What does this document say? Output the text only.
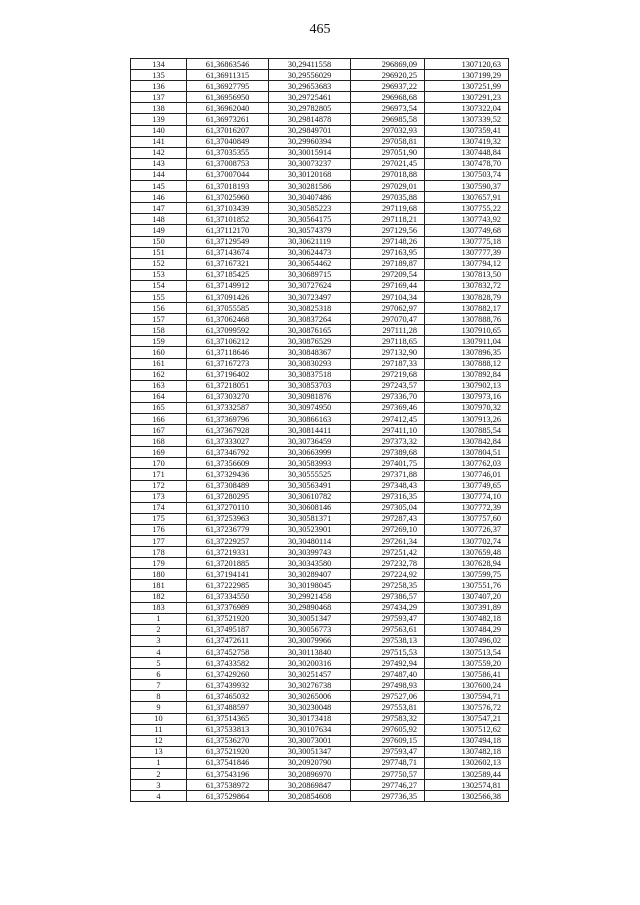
465
134	61,36863546	30,29411558	296869,09	1307120,63
135	61,36911315	30,29556029	296920,25	1307199,29
136	61,36927795	30,29653683	296937,22	1307251,99
137	61,36956950	30,29725461	296968,68	1307291,23
138	61,36962040	30,29782805	296973,54	1307322,04
139	61,36973261	30,29814878	296985,58	1307339,52
140	61,37016207	30,29849701	297032,93	1307359,41
141	61,37040849	30,29960394	297058,81	1307419,32
142	61,37035355	30,30015914	297051,90	1307448,84
143	61,37008753	30,30073237	297021,45	1307478,70
144	61,37007044	30,30120168	297018,88	1307503,74
145	61,37018193	30,30281586	297029,01	1307590,37
146	61,37025960	30,30407486	297035,88	1307657,91
147	61,37103439	30,30585223	297119,68	1307755,22
148	61,37101852	30,30564175	297118,21	1307743,92
149	61,37112170	30,30574379	297129,56	1307749,68
150	61,37129549	30,30621119	297148,26	1307775,18
151	61,37143674	30,30624473	297163,95	1307777,39
152	61,37167321	30,30654462	297189,87	1307794,12
153	61,37185425	30,30689715	297209,54	1307813,50
154	61,37149912	30,30727624	297169,44	1307832,72
155	61,37091426	30,30723497	297104,34	1307828,79
156	61,37055585	30,30825318	297062,97	1307882,17
157	61,37062468	30,30837264	297070,47	1307888,76
158	61,37099592	30,30876165	297111,28	1307910,65
159	61,37106212	30,30876529	297118,65	1307911,04
160	61,37118646	30,30848367	297132,90	1307896,35
161	61,37167273	30,30830293	297187,33	1307888,12
162	61,37196402	30,30837518	297219,68	1307892,84
163	61,37218051	30,30853703	297243,57	1307902,13
164	61,37303270	30,30981876	297336,70	1307973,16
165	61,37332587	30,30974950	297369,46	1307970,32
166	61,37369796	30,30866163	297412,45	1307913,26
167	61,37367928	30,30814411	297411,10	1307885,54
168	61,37333027	30,30736459	297373,32	1307842,84
169	61,37346792	30,30663999	297389,68	1307804,51
170	61,37356609	30,30583993	297401,75	1307762,03
171	61,37329436	30,30555525	297371,88	1307746,01
172	61,37308489	30,30563491	297348,43	1307749,65
173	61,37280295	30,30610782	297316,35	1307774,10
174	61,37270110	30,30608146	297305,04	1307772,39
175	61,37253963	30,30581371	297287,43	1307757,60
176	61,37236779	30,30523901	297269,10	1307726,37
177	61,37229257	30,30480114	297261,34	1307702,74
178	61,37219331	30,30399743	297251,42	1307659,48
179	61,37201885	30,30343580	297232,78	1307628,94
180	61,37194141	30,30289407	297224,92	1307599,75
181	61,37222985	30,30198045	297258,35	1307551,76
182	61,37334550	30,29921458	297386,57	1307407,20
183	61,37376989	30,29890468	297434,29	1307391,89
1	61,37521920	30,30051347	297593,47	1307482,18
2	61,37495187	30,30056773	297563,61	1307484,29
3	61,37472611	30,30079966	297538,13	1307496,02
4	61,37452758	30,30113840	297515,53	1307513,54
5	61,37433582	30,30200316	297492,94	1307559,20
6	61,37429260	30,30251457	297487,40	1307586,41
7	61,37439932	30,30276738	297498,93	1307600,24
8	61,37465032	30,30265006	297527,06	1307594,71
9	61,37488597	30,30230048	297553,81	1307576,72
10	61,37514365	30,30173418	297583,32	1307547,21
11	61,37533813	30,30107634	297605,92	1307512,62
12	61,37536270	30,30073001	297609,15	1307494,18
13	61,37521920	30,30051347	297593,47	1307482,18
1	61,37541846	30,20920790	297748,71	1302602,13
2	61,37543196	30,20896970	297750,57	1302589,44
3	61,37538972	30,20869847	297746,27	1302574,81
4	61,37529864	30,20854608	297736,35	1302566,38
